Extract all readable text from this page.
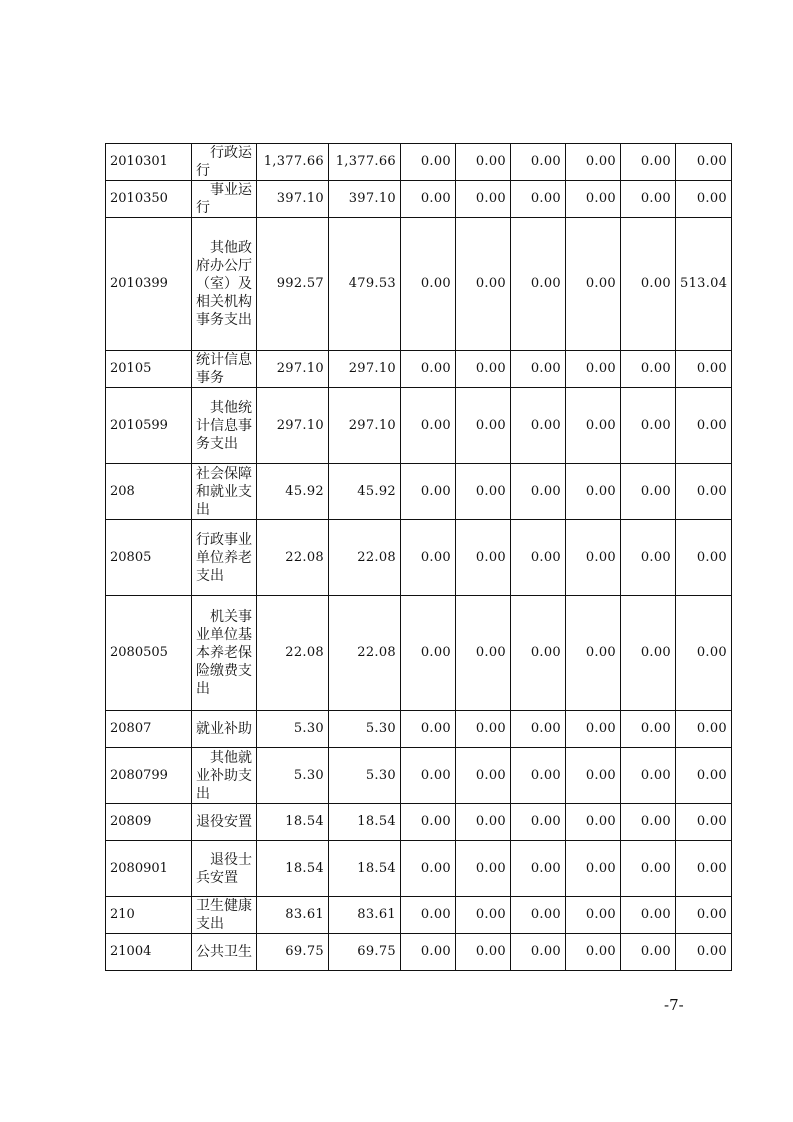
2010301	行政运行	1,377.66	1,377.66	0.00	0.00	0.00	0.00	0.00	0.00
2010350	事业运行	397.10	397.10	0.00	0.00	0.00	0.00	0.00	0.00
2010399	其他政府办公厅（室）及相关机构事务支出	992.57	479.53	0.00	0.00	0.00	0.00	0.00	513.04
20105	统计信息事务	297.10	297.10	0.00	0.00	0.00	0.00	0.00	0.00
2010599	其他统计信息事务支出	297.10	297.10	0.00	0.00	0.00	0.00	0.00	0.00
208	社会保障和就业支出	45.92	45.92	0.00	0.00	0.00	0.00	0.00	0.00
20805	行政事业单位养老支出	22.08	22.08	0.00	0.00	0.00	0.00	0.00	0.00
2080505	机关事业单位基本养老保险缴费支出	22.08	22.08	0.00	0.00	0.00	0.00	0.00	0.00
20807	就业补助	5.30	5.30	0.00	0.00	0.00	0.00	0.00	0.00
2080799	其他就业补助支出	5.30	5.30	0.00	0.00	0.00	0.00	0.00	0.00
20809	退役安置	18.54	18.54	0.00	0.00	0.00	0.00	0.00	0.00
2080901	退役士兵安置	18.54	18.54	0.00	0.00	0.00	0.00	0.00	0.00
210	卫生健康支出	83.61	83.61	0.00	0.00	0.00	0.00	0.00	0.00
21004	公共卫生	69.75	69.75	0.00	0.00	0.00	0.00	0.00	0.00
-7-
